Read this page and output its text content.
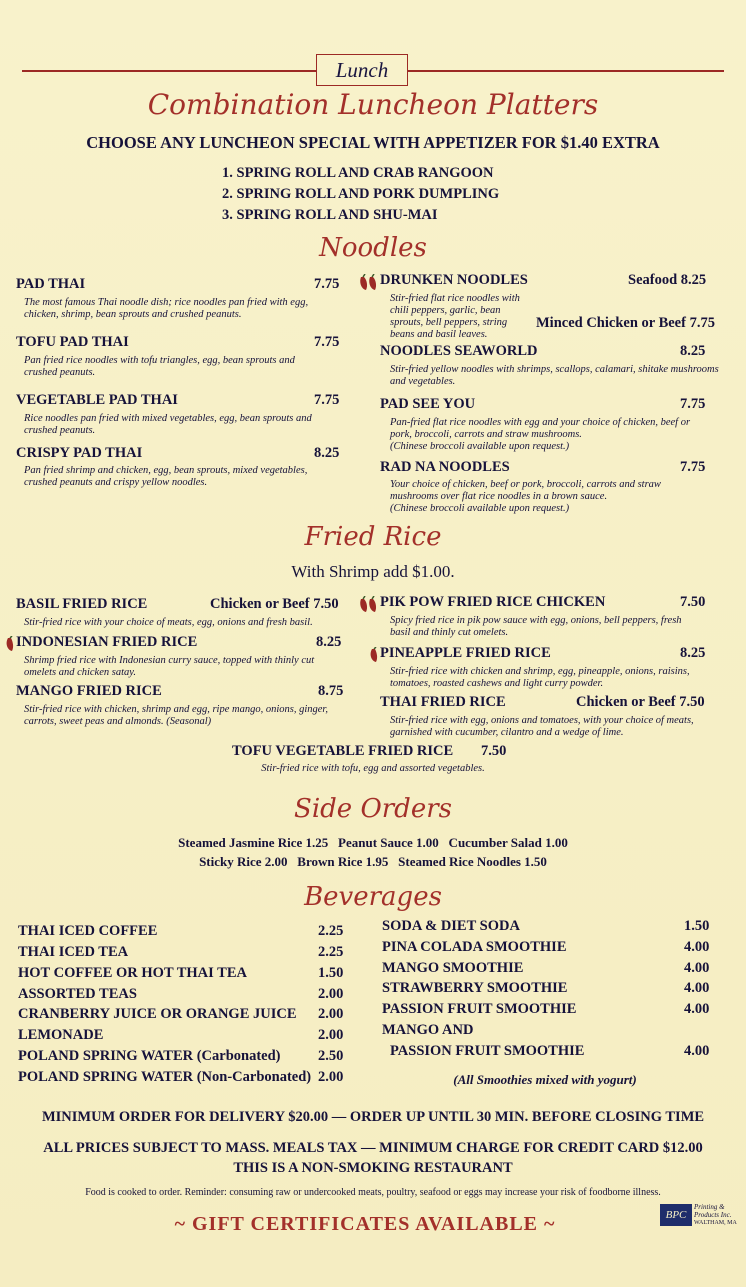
Lunch
Combination Luncheon Platters
CHOOSE ANY LUNCHEON SPECIAL WITH APPETIZER FOR $1.40 EXTRA
1. SPRING ROLL AND CRAB RANGOON
2. SPRING ROLL AND PORK DUMPLING
3. SPRING ROLL AND SHU-MAI
Noodles
PAD THAI	7.75
The most famous Thai noodle dish; rice noodles pan fried with egg, chicken, shrimp, bean sprouts and crushed peanuts.
TOFU PAD THAI	7.75
Pan fried rice noodles with tofu triangles, egg, bean sprouts and crushed peanuts.
VEGETABLE PAD THAI	7.75
Rice noodles pan fried with mixed vegetables, egg, bean sprouts and crushed peanuts.
CRISPY PAD THAI	8.25
Pan fried shrimp and chicken, egg, bean sprouts, mixed vegetables, crushed peanuts and crispy yellow noodles.
DRUNKEN NOODLES	Seafood 8.25
Stir-fried flat rice noodles with chili peppers, garlic, bean sprouts, bell peppers, string beans and basil leaves.
Minced Chicken or Beef 7.75
NOODLES SEAWORLD	8.25
Stir-fried yellow noodles with shrimps, scallops, calamari, shitake mushrooms and vegetables.
PAD SEE YOU	7.75
Pan-fried flat rice noodles with egg and your choice of chicken, beef or pork, broccoli, carrots and straw mushrooms.
(Chinese broccoli available upon request.)
RAD NA NOODLES	7.75
Your choice of chicken, beef or pork, broccoli, carrots and straw mushrooms over flat rice noodles in a brown sauce.
(Chinese broccoli available upon request.)
Fried Rice
With Shrimp add $1.00.
BASIL FRIED RICE	Chicken or Beef 7.50
Stir-fried rice with your choice of meats, egg, onions and fresh basil.
INDONESIAN FRIED RICE	8.25
Shrimp fried rice with Indonesian curry sauce, topped with thinly cut omelets and chicken satay.
MANGO FRIED RICE	8.75
Stir-fried rice with chicken, shrimp and egg, ripe mango, onions, ginger, carrots, sweet peas and almonds. (Seasonal)
PIK POW FRIED RICE CHICKEN	7.50
Spicy fried rice in pik pow sauce with egg, onions, bell peppers, fresh basil and thinly cut omelets.
PINEAPPLE FRIED RICE	8.25
Stir-fried rice with chicken and shrimp, egg, pineapple, onions, raisins, tomatoes, roasted cashews and light curry powder.
THAI FRIED RICE	Chicken or Beef 7.50
Stir-fried rice with egg, onions and tomatoes, with your choice of meats, garnished with cucumber, cilantro and a wedge of lime.
TOFU VEGETABLE FRIED RICE 7.50
Stir-fried rice with tofu, egg and assorted vegetables.
Side Orders
Steamed Jasmine Rice 1.25   Peanut Sauce 1.00   Cucumber Salad 1.00
Sticky Rice 2.00   Brown Rice 1.95   Steamed Rice Noodles 1.50
Beverages
(All Smoothies mixed with yogurt)
MINIMUM ORDER FOR DELIVERY $20.00 — ORDER UP UNTIL 30 MIN. BEFORE CLOSING TIME
ALL PRICES SUBJECT TO MASS. MEALS TAX — MINIMUM CHARGE FOR CREDIT CARD $12.00
THIS IS A NON-SMOKING RESTAURANT
Food is cooked to order. Reminder: consuming raw or undercooked meats, poultry, seafood or eggs may increase your risk of foodborne illness.
~ GIFT CERTIFICATES AVAILABLE ~	BPC
Printing & Products Inc.
WALTHAM, MA
THAI ICED COFFEE	2.25
THAI ICED TEA	2.25
HOT COFFEE OR HOT THAI TEA	1.50
ASSORTED TEAS	2.00
CRANBERRY JUICE OR ORANGE JUICE 2.00
LEMONADE	2.00
POLAND SPRING WATER (Carbonated)	2.50
POLAND SPRING WATER (Non-Carbonated) 2.00
SODA & DIET SODA	1.50
PINA COLADA SMOOTHIE	4.00
MANGO SMOOTHIE	4.00
STRAWBERRY SMOOTHIE	4.00
PASSION FRUIT SMOOTHIE	4.00
MANGO AND
PASSION FRUIT SMOOTHIE	4.00
